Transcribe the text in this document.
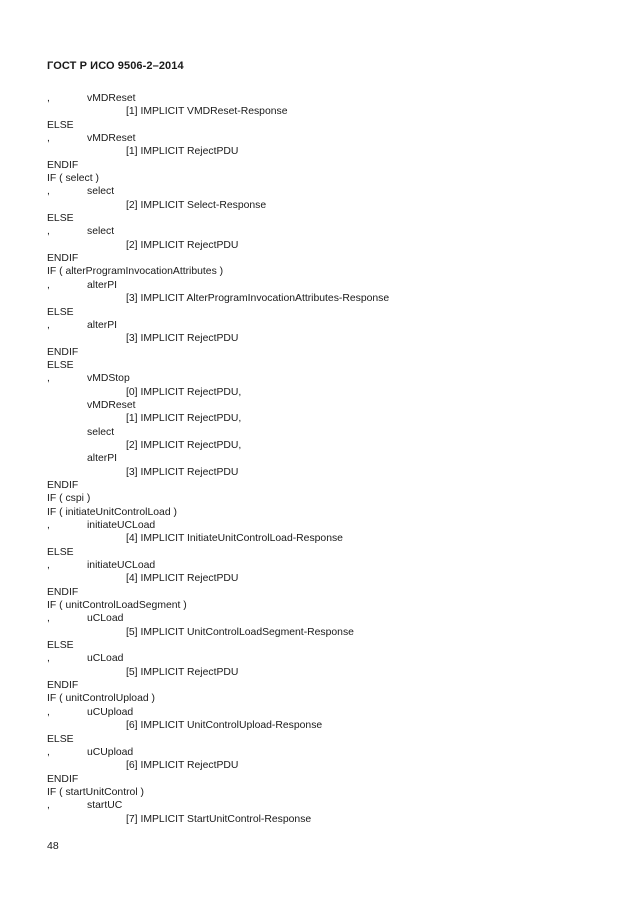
ГОСТ Р ИСО 9506-2–2014
,	vMDReset
[1] IMPLICIT VMDReset-Response
ELSE
,	vMDReset
[1] IMPLICIT RejectPDU
ENDIF
IF ( select )
,	select
[2] IMPLICIT Select-Response
ELSE
,	select
[2] IMPLICIT RejectPDU
ENDIF
IF ( alterProgramInvocationAttributes )
,	alterPI
[3] IMPLICIT AlterProgramInvocationAttributes-Response
ELSE
,	alterPI
[3] IMPLICIT RejectPDU
ENDIF
ELSE
,	vMDStop
[0] IMPLICIT RejectPDU,
vMDReset
[1] IMPLICIT RejectPDU,
select
[2] IMPLICIT RejectPDU,
alterPI
[3] IMPLICIT RejectPDU
ENDIF
IF ( cspi )
IF ( initiateUnitControlLoad )
,	initiateUCLoad
[4] IMPLICIT InitiateUnitControlLoad-Response
ELSE
,	initiateUCLoad
[4] IMPLICIT RejectPDU
ENDIF
IF ( unitControlLoadSegment )
,	uCLoad
[5] IMPLICIT UnitControlLoadSegment-Response
ELSE
,	uCLoad
[5] IMPLICIT RejectPDU
ENDIF
IF ( unitControlUpload )
,	uCUpload
[6] IMPLICIT UnitControlUpload-Response
ELSE
,	uCUpload
[6] IMPLICIT RejectPDU
ENDIF
IF ( startUnitControl )
,	startUC
[7] IMPLICIT StartUnitControl-Response
48
